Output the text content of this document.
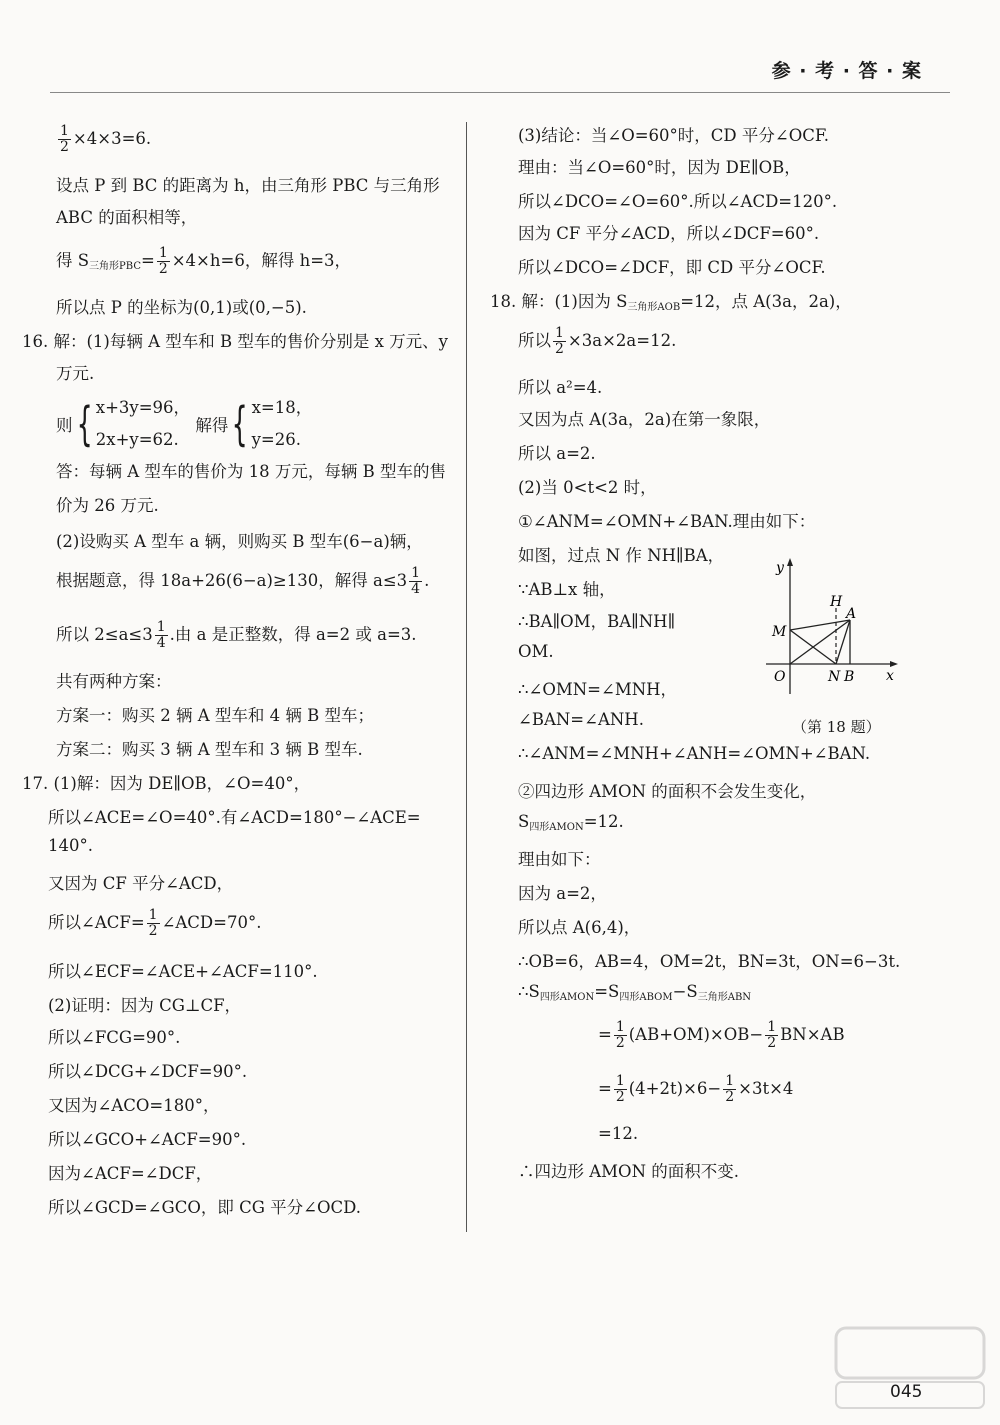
参 · 考 · 答 · 案
$\frac{1}{2} \times 4\times 3=6$.
设点 P 到 BC 的距离为 h，由三角形 PBC 与三角形
ABC 的面积相等，
得 $S_{三角形PBC}= \frac{1}{2} \times 4\times h=6$，解得 h=3，
所以点 P 的坐标为(0,1)或(0,−5).
16. 解：(1)每辆 A 型车和 B 型车的售价分别是 x 万元、y
万元.
则{ x+3y=96，
2x+y=62. 解得{ x=18，
y=26.
答：每辆 A 型车的售价为 18 万元，每辆 B 型车的售
价为 26 万元.
(2)设购买 A 型车 a 辆，则购买 B 型车(6−a)辆，
根据题意，得 18a+26(6−a)≥130，解得 $a\le 3 \frac{1}{4}$ .
所以 $2\le a\le 3 \frac{1}{4}$ .由 a 是正整数，得 a=2 或 a=3.
共有两种方案：
方案一：购买 2 辆 A 型车和 4 辆 B 型车；
方案二：购买 3 辆 A 型车和 3 辆 B 型车.
17. (1)解：因为 DE∥OB，∠O=40°，
所以∠ACE=∠O=40°.有∠ACD=180°−∠ACE=
140°.
又因为 CF 平分∠ACD，
所以∠ACF= $\frac{1}{2}$ ∠ACD=70°.
所以∠ECF=∠ACE+∠ACF=110°.
(2)证明：因为 CG⊥CF，
所以∠FCG=90°.
所以∠DCG+∠DCF=90°.
又因为∠ACO=180°，
所以∠GCO+∠ACF=90°.
因为∠ACF=∠DCF，
所以∠GCD=∠GCO，即 CG 平分∠OCD.
(3)结论：当∠O=60°时，CD 平分∠OCF.
理由：当∠O=60°时，因为 DE∥OB，
所以∠DCO=∠O=60°.所以∠ACD=120°.
因为 CF 平分∠ACD，所以∠DCF=60°.
所以∠DCO=∠DCF，即 CD 平分∠OCF.
18. 解：(1)因为 $S_{三角形AOB}=12$，点 A(3a，2a)，
所以 $\frac{1}{2} \times 3a\times 2a=12$.
所以 a²=4.
又因为点 A(3a，2a)在第一象限，
所以 a=2.
(2)当 0<t<2 时，
①∠ANM=∠OMN+∠BAN.理由如下：
如图，过点 N 作 NH∥BA，
∵AB⊥x 轴，
∴BA∥OM，BA∥NH∥
OM.
∴∠OMN=∠MNH，
∠BAN=∠ANH.
∴∠ANM=∠MNH+∠ANH=∠OMN+∠BAN.
②四边形 AMON 的面积不会发生变化，
$S_{四形AMON}=12$.
理由如下：
因为 a=2，
所以点 A(6,4)，
∴OB=6，AB=4，OM=2t，BN=3t，ON=6−3t.
$\therefore S_{四形AMON}=S_{四形ABOM}-S_{三角形ABN}$
= $\frac{1}{2} (AB+OM)\times OB- \frac{1}{2} BN\times AB$
= $\frac{1}{2} (4+2t)\times 6- \frac{1}{2} \times 3t\times 4$
=12.
∴四边形 AMON 的面积不变.
y
x
O
M
H
A
N B
（第 18 题）
045
